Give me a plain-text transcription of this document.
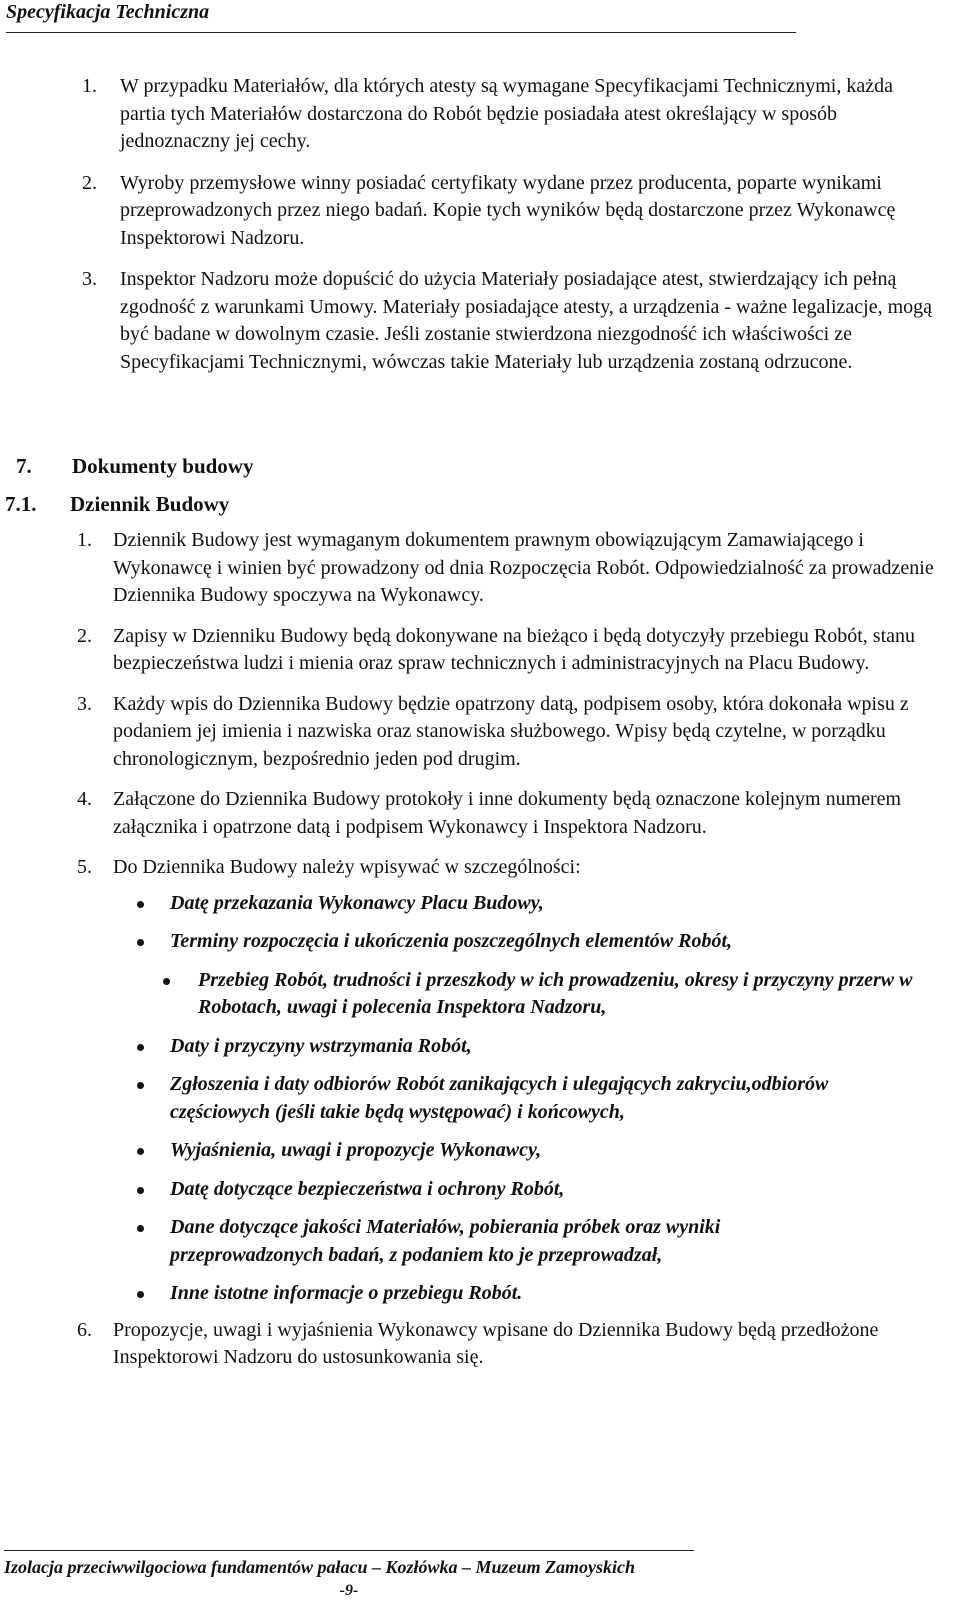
Specyfikacja Techniczna
1. W przypadku Materiałów, dla których atesty są wymagane Specyfikacjami Technicznymi, każda partia tych Materiałów dostarczona do Robót będzie posiadała atest określający w sposób jednoznaczny jej cechy.
2. Wyroby przemysłowe winny posiadać certyfikaty wydane przez producenta, poparte wynikami przeprowadzonych przez niego badań. Kopie tych wyników będą dostarczone przez Wykonawcę Inspektorowi Nadzoru.
3. Inspektor Nadzoru może dopuścić do użycia Materiały posiadające atest, stwierdzający ich pełną zgodność z warunkami Umowy. Materiały posiadające atesty, a urządzenia - ważne legalizacje, mogą być badane w dowolnym czasie. Jeśli zostanie stwierdzona niezgodność ich właściwości ze Specyfikacjami Technicznymi, wówczas takie Materiały lub urządzenia zostaną odrzucone.
7. Dokumenty budowy
7.1. Dziennik Budowy
1. Dziennik Budowy jest wymaganym dokumentem prawnym obowiązującym Zamawiającego i Wykonawcę i winien być prowadzony od dnia Rozpoczęcia Robót. Odpowiedzialność za prowadzenie Dziennika Budowy spoczywa na Wykonawcy.
2. Zapisy w Dzienniku Budowy będą dokonywane na bieżąco i będą dotyczyły przebiegu Robót, stanu bezpieczeństwa ludzi i mienia oraz spraw technicznych i administracyjnych na Placu Budowy.
3. Każdy wpis do Dziennika Budowy będzie opatrzony datą, podpisem osoby, która dokonała wpisu z podaniem jej imienia i nazwiska oraz stanowiska służbowego. Wpisy będą czytelne, w porządku chronologicznym, bezpośrednio jeden pod drugim.
4. Załączone do Dziennika Budowy protokoły i inne dokumenty będą oznaczone kolejnym numerem załącznika i opatrzone datą i podpisem Wykonawcy i Inspektora Nadzoru.
5. Do Dziennika Budowy należy wpisywać w szczególności:
Datę przekazania Wykonawcy Placu Budowy,
Terminy rozpoczęcia i ukończenia poszczególnych elementów Robót,
Przebieg Robót, trudności i przeszkody w ich prowadzeniu, okresy i przyczyny przerw w Robotach, uwagi i polecenia Inspektora Nadzoru,
Daty i przyczyny wstrzymania Robót,
Zgłoszenia i daty odbiorów Robót zanikających i ulegających zakryciu,odbiorów częściowych (jeśli takie będą występować) i końcowych,
Wyjaśnienia, uwagi i propozycje Wykonawcy,
Datę dotyczące bezpieczeństwa i ochrony Robót,
Dane dotyczące jakości Materiałów, pobierania próbek oraz wyniki przeprowadzonych badań, z podaniem kto je przeprowadzał,
Inne istotne informacje o przebiegu Robót.
6. Propozycje, uwagi i wyjaśnienia Wykonawcy wpisane do Dziennika Budowy będą przedłożone Inspektorowi Nadzoru do ustosunkowania się.
Izolacja przeciwwilgociowa fundamentów pałacu – Kozłówka – Muzeum Zamoyskich
-9-
